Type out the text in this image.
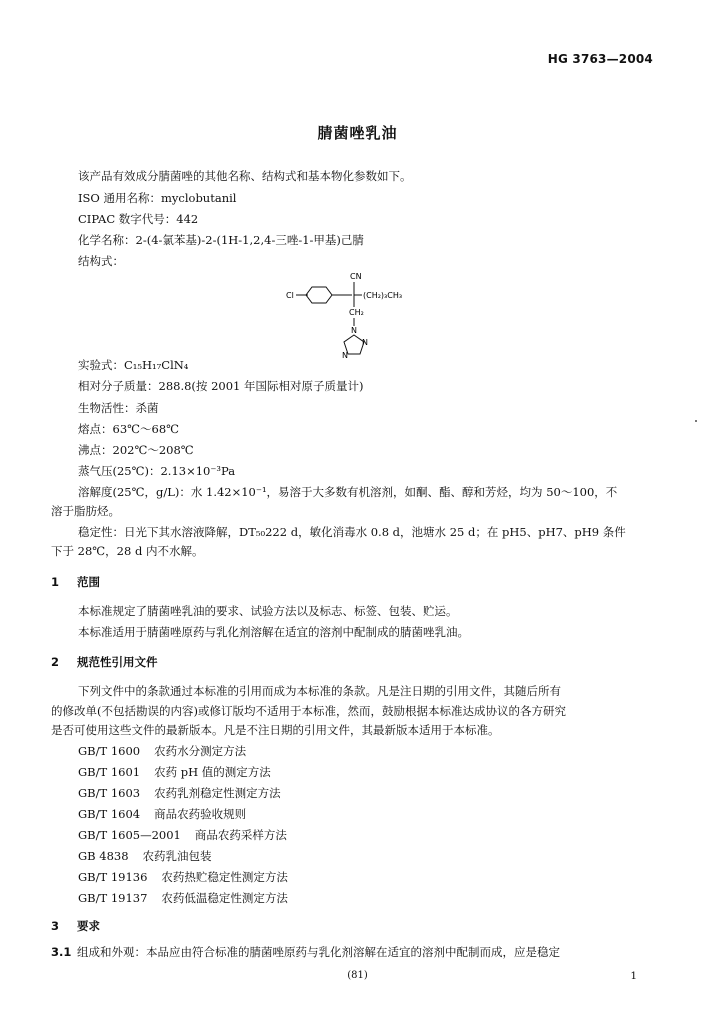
HG 3763—2004
腈菌唑乳油
该产品有效成分腈菌唑的其他名称、结构式和基本物化参数如下。
ISO 通用名称：myclobutanil
CIPAC 数字代号：442
化学名称：2-(4-氯苯基)-2-(1H-1,2,4-三唑-1-甲基)己腈
结构式：
Cl
CN
(CH₂)₃CH₃
CH₂
N
N
N
实验式：C₁₅H₁₇ClN₄
相对分子质量：288.8(按 2001 年国际相对原子质量计)
生物活性：杀菌
熔点：63℃～68℃
沸点：202℃～208℃
蒸气压(25℃)：2.13×10⁻³Pa
溶解度(25℃，g/L)：水 1.42×10⁻¹，易溶于大多数有机溶剂，如酮、酯、醇和芳烃，均为 50～100，不
溶于脂肪烃。
稳定性：日光下其水溶液降解，DT₅₀222 d，敏化消毒水 0.8 d，池塘水 25 d；在 pH5、pH7、pH9 条件
下于 28℃，28 d 内不水解。
1 范围
本标准规定了腈菌唑乳油的要求、试验方法以及标志、标签、包装、贮运。
本标准适用于腈菌唑原药与乳化剂溶解在适宜的溶剂中配制成的腈菌唑乳油。
2 规范性引用文件
下列文件中的条款通过本标准的引用而成为本标准的条款。凡是注日期的引用文件，其随后所有
的修改单(不包括勘误的内容)或修订版均不适用于本标准，然而，鼓励根据本标准达成协议的各方研究
是否可使用这些文件的最新版本。凡是不注日期的引用文件，其最新版本适用于本标准。
GB/T 1600 农药水分测定方法
GB/T 1601 农药 pH 值的测定方法
GB/T 1603 农药乳剂稳定性测定方法
GB/T 1604 商品农药验收规则
GB/T 1605—2001 商品农药采样方法
GB 4838 农药乳油包装
GB/T 19136 农药热贮稳定性测定方法
GB/T 19137 农药低温稳定性测定方法
3 要求
3.1 组成和外观：本品应由符合标准的腈菌唑原药与乳化剂溶解在适宜的溶剂中配制而成，应是稳定
(81)	1
